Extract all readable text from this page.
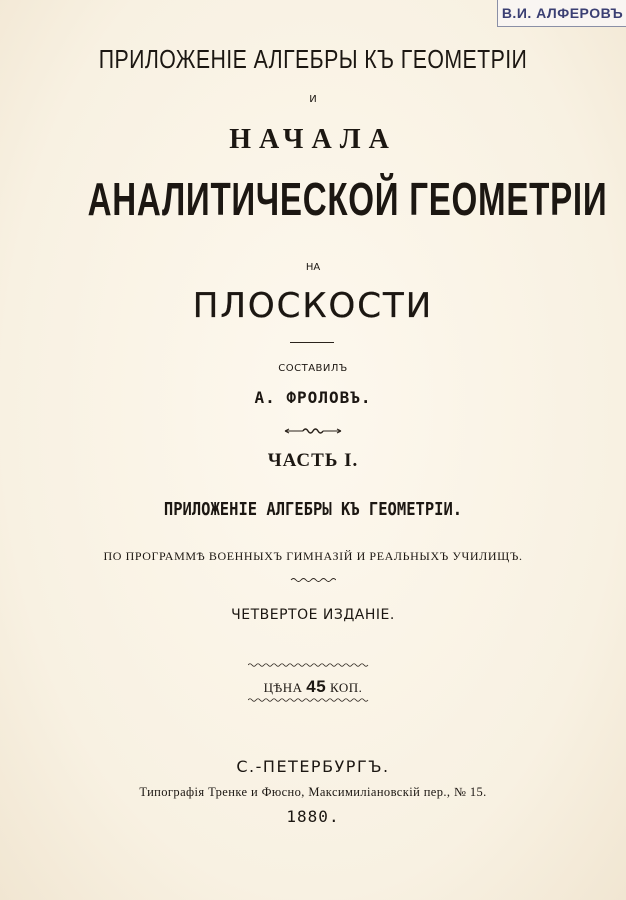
В.И. АЛФЕРОВЪ
ПРИЛОЖЕНІЕ АЛГЕБРЫ КЪ ГЕОМЕТРІИ
И
НАЧАЛА
АНАЛИТИЧЕСКОЙ ГЕОМЕТРІИ
НА
ПЛОСКОСТИ
СОСТАВИЛЪ
А. ФРОЛОВЪ.
ЧАСТЬ I.
ПРИЛОЖЕНІЕ АЛГЕБРЫ КЪ ГЕОМЕТРІИ.
ПО ПРОГРАММѢ ВОЕННЫХЪ ГИМНАЗІЙ И РЕАЛЬНЫХЪ УЧИЛИЩЪ.
ЧЕТВЕРТОЕ ИЗДАНІЕ.
ЦѢНА 45 КОП.
С.-ПЕТЕРБУРГЪ.
Типографія Тренке и Фюсно, Максимиліановскій пер., № 15.
1880.
